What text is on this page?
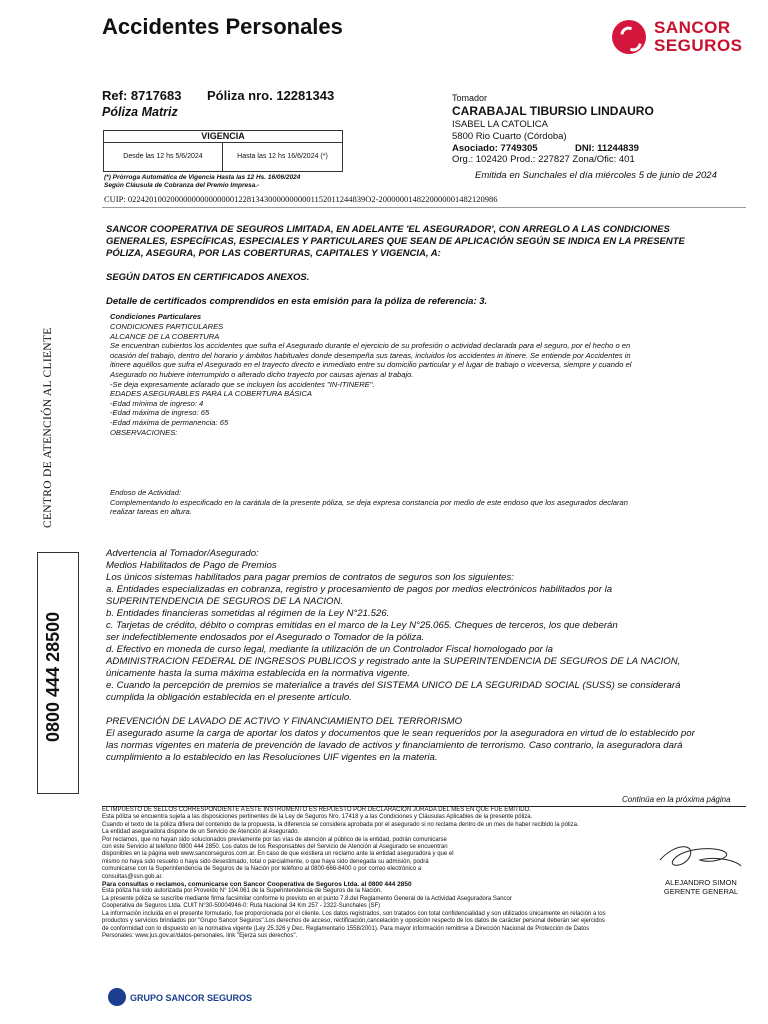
Accidentes Personales	SANCOR
SEGUROS
Ref: 8717683 Póliza nro. 12281343
Póliza Matriz
VIGENCIA
Desde las 12 hs 5/6/2024	Hasta las 12 hs 16/6/2024 (*)
(*) Prórroga Automática de Vigencia Hasta las 12 Hs. 16/06/2024
Según Cláusula de Cobranza del Premio Impresa.-
Tomador
CARABAJAL TIBURSIO LINDAURO
ISABEL LA CATOLICA
5800 Rio Cuarto (Córdoba)
Asociado: 7749305	DNI: 11244839
Org.: 102420 Prod.: 227827 Zona/Ofic: 401
Emitida en Sunchales el día miércoles 5 de junio de 2024
CUIP: 02242010020000000000000001228134300000000001152011244839O2-2000000148220000001482120986
SANCOR COOPERATIVA DE SEGUROS LIMITADA, EN ADELANTE 'EL ASEGURADOR', CON ARREGLO A LAS CONDICIONES
GENERALES, ESPECÍFICAS, ESPECIALES Y PARTICULARES QUE SEAN DE APLICACIÓN SEGÚN SE INDICA EN LA PRESENTE
PÓLIZA, ASEGURA, POR LAS COBERTURAS, CAPITALES Y VIGENCIA, A:
SEGÚN DATOS EN CERTIFICADOS ANEXOS.
Detalle de certificados comprendidos en esta emisión para la póliza de referencia: 3.
Condiciones Particulares
CONDICIONES PARTICULARES
ALCANCE DE LA COBERTURA
Se encuentran cubiertos los accidentes que sufra el Asegurado durante el ejercicio de su profesión o actividad declarada para el seguro, por el hecho o en
ocasión del trabajo, dentro del horario y ámbitos habituales donde desempeña sus tareas, incluidos los accidentes in itinere. Se entiende por Accidentes in
itinere aquéllos que sufra el Asegurado en el trayecto directo e inmediato entre su domicilio particular y el lugar de trabajo o viceversa, siempre y cuando el
Asegurado no hubiere interrumpido o alterado dicho trayecto por causas ajenas al trabajo.
-Se deja expresamente aclarado que se incluyen los accidentes "IN-ITINERE".
EDADES ASEGURABLES PARA LA COBERTURA BÁSICA
-Edad mínima de ingreso: 4
-Edad máxima de ingreso: 65
-Edad máxima de permanencia: 65
OBSERVACIONES:
Endoso de Actividad:
Complementando lo especificado en la carátula de la presente póliza, se deja expresa constancia por medio de este endoso que los asegurados declaran
realizar tareas en altura.
Advertencia al Tomador/Asegurado:
Medios Habilitados de Pago de Premios
Los únicos sistemas habilitados para pagar premios de contratos de seguros son los siguientes:
a. Entidades especializadas en cobranza, registro y procesamiento de pagos por medios electrónicos habilitados por la
SUPERINTENDENCIA DE SEGUROS DE LA NACION.
b. Entidades financieras sometidas al régimen de la Ley N°21.526.
c. Tarjetas de crédito, débito o compras emitidas en el marco de la Ley N°25.065. Cheques de terceros, los que deberán
ser indefectiblemente endosados por el Asegurado o Tomador de la póliza.
d. Efectivo en moneda de curso legal, mediante la utilización de un Controlador Fiscal homologado por la
ADMINISTRACION FEDERAL DE INGRESOS PUBLICOS y registrado ante la SUPERINTENDENCIA DE SEGUROS DE LA NACION,
únicamente hasta la suma máxima establecida en la normativa vigente.
e. Cuando la percepción de premios se materialice a través del SISTEMA UNICO DE LA SEGURIDAD SOCIAL (SUSS) se considerará
cumplida la obligación establecida en el presente artículo.
PREVENCIÓN DE LAVADO DE ACTIVO Y FINANCIAMIENTO DEL TERRORISMO
El asegurado asume la carga de aportar los datos y documentos que le sean requeridos por la aseguradora en virtud de lo establecido por
las normas vigentes en materia de prevención de lavado de activos y financiamiento de terrorismo. Caso contrario, la aseguradora dará
cumplimiento a lo establecido en las Resoluciones UIF vigentes en la materia.
Continúa en la próxima página
0800 444 28500
CENTRO DE ATENCIÓN AL CLIENTE
EL IMPUESTO DE SELLOS CORRESPONDIENTE A ESTE INSTRUMENTO ES REPUESTO POR DECLARACION JURADA DEL MES EN QUE FUE EMITIDO.
Esta póliza se encuentra sujeta a las disposiciones pertinentes de la Ley de Seguros Nro. 17418 y a las Condiciones y Cláusulas Aplicables de la presente póliza.
Cuando el texto de la póliza difiera del contenido de la propuesta, la diferencia se considera aprobada por el asegurado si no reclama dentro de un mes de haber recibido la póliza.
La entidad aseguradora dispone de un Servicio de Atención al Asegurado.
Por reclamos, que no hayan sido solucionados previamente por las vías de atención al público de la entidad, podrán comunicarse
con este Servicio al teléfono 0800 444 2850. Los datos de los Responsables del Servicio de Atención al Asegurado se encuentran
disponibles en la página web www.sancorseguros.com.ar. En caso de que existiera un reclamo ante la entidad aseguradora y que el
mismo no haya sido resuelto o haya sido desestimado, total o parcialmente, o que haya sido denegada su admisión, podrá
comunicarse con la Superintendencia de Seguros de la Nación por teléfono al 0800-666-8400 o por correo electrónico a
consultas@ssn.gob.ar.
Para consultas o reclamos, comunicarse con Sancor Cooperativa de Seguros Ltda. al 0800 444 2850
Esta póliza ha sido autorizada por Proveído N° 104.061 de la Superintendencia de Seguros de la Nación.
La presente póliza se suscribe mediante firma facsimilar conforme lo previsto en el punto 7.8.del Reglamento General de la Actividad Aseguradora Sancor
Cooperativa de Seguros Ltda. CUIT N°30-50004946-0: Ruta Nacional 34 Km 257 - 2322-Sunchales (SF)
La información incluida en el presente formulario, fue proporcionada por el cliente. Los datos registrados, son tratados con total confidencialidad y son utilizados únicamente en relación a los
productos y servicios brindados por "Grupo Sancor Seguros".Los derechos de acceso, rectificación,cancelación y oposición respecto de los datos de carácter personal deberán ser ejercidos
de conformidad con lo dispuesto en la normativa vigente (Ley 25.326 y Dec. Reglamentario 1558/2001). Para mayor información remitirse a Dirección Nacional de Protección de Datos
Personales: www.jus.gov.ar/datos-personales, link "Ejerza sus derechos".
ALEJANDRO SIMON
GERENTE GENERAL
GRUPO SANCOR SEGUROS
